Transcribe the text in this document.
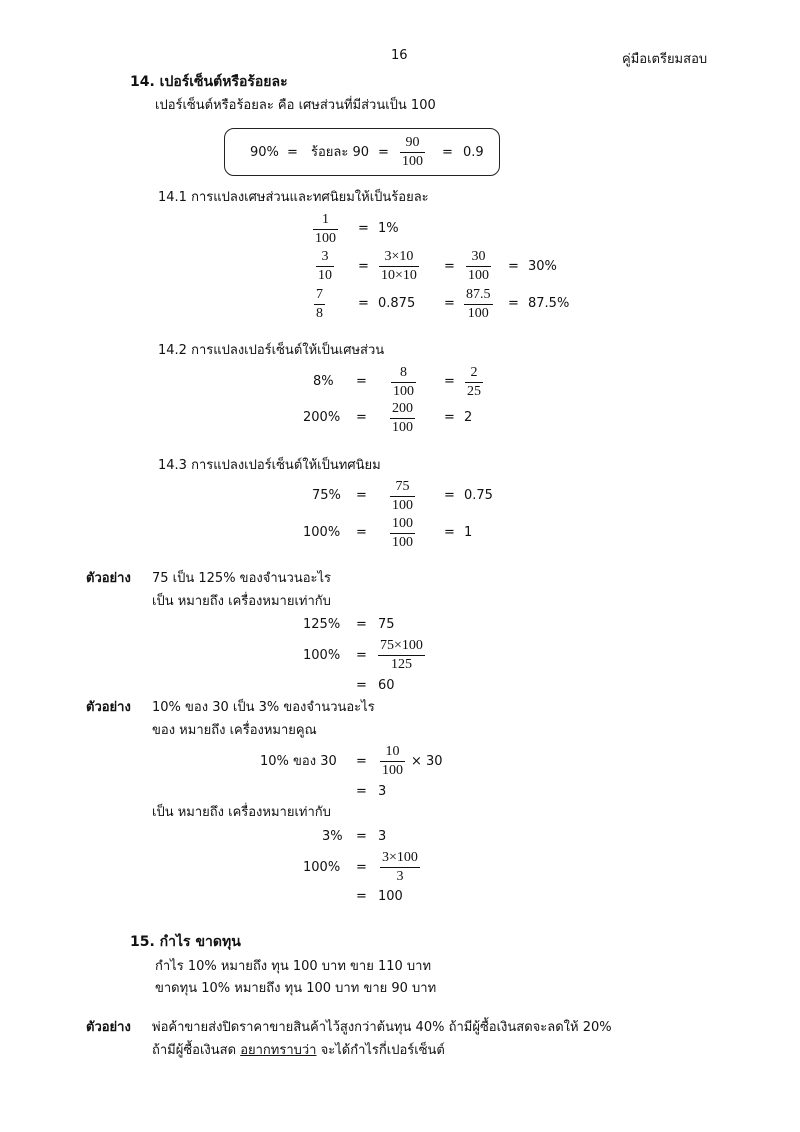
16	คู่มือเตรียมสอบ
14. เปอร์เซ็นต์หรือร้อยละ
เปอร์เซ็นต์หรือร้อยละ คือ เศษส่วนที่มีส่วนเป็น 100
90% = ร้อยละ 90 =
90
100
= 0.9
14.1 การแปลงเศษส่วนและทศนิยมให้เป็นร้อยละ
1
100
= 1%
3
10
=
3×10
10×10
=
30
100
= 30%
7
8
= 0.875 =
87.5
100
= 87.5%
14.2 การแปลงเปอร์เซ็นต์ให้เป็นเศษส่วน
8% =
8
100
=
2
25
200% =
200
100
= 2
14.3 การแปลงเปอร์เซ็นต์ให้เป็นทศนิยม
75% =
75
100
= 0.75
100% =
100
100
= 1
ตัวอย่าง 75 เป็น 125% ของจำนวนอะไร
เป็น หมายถึง เครื่องหมายเท่ากับ
125% = 75
100% =
75×100
125
= 60
ตัวอย่าง 10% ของ 30 เป็น 3% ของจำนวนอะไร
ของ หมายถึง เครื่องหมายคูณ
10% ของ 30 =
10
100
× 30
= 3
เป็น หมายถึง เครื่องหมายเท่ากับ
3% = 3
100% =
3×100
3
= 100
15. กำไร ขาดทุน
กำไร 10% หมายถึง ทุน 100 บาท ขาย 110 บาท
ขาดทุน 10% หมายถึง ทุน 100 บาท ขาย 90 บาท
ตัวอย่าง พ่อค้าขายส่งปิดราคาขายสินค้าไว้สูงกว่าต้นทุน 40% ถ้ามีผู้ซื้อเงินสดจะลดให้ 20%
ถ้ามีผู้ซื้อเงินสด อยากทราบว่า จะได้กำไรกี่เปอร์เซ็นต์
